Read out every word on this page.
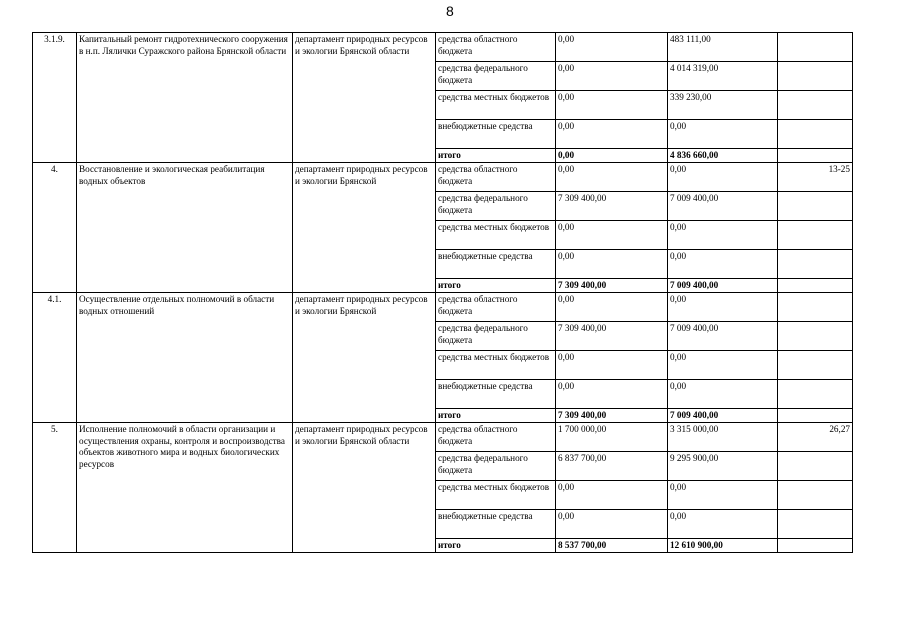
8
3.1.9.	Капитальный ремонт гидротехнического сооружения в н.п. Лялички Суражского района Брянской области	департамент природных ресурсов и экологии Брянской области	средства областного бюджета	0,00	483 111,00	
			средства федерального бюджета	0,00	4 014 319,00	
			средства местных бюджетов	0,00	339 230,00	
			внебюджетные средства	0,00	0,00	
			итого	0,00	4 836 660,00	
4.	Восстановление и экологическая реабилитация водных объектов	департамент природных ресурсов и экологии Брянской	средства областного бюджета	0,00	0,00	13-25
			средства федерального бюджета	7 309 400,00	7 009 400,00	
			средства местных бюджетов	0,00	0,00	
			внебюджетные средства	0,00	0,00	
			итого	7 309 400,00	7 009 400,00	
4.1.	Осуществление отдельных полномочий в области водных отношений	департамент природных ресурсов и экологии Брянской	средства областного бюджета	0,00	0,00	
			средства федерального бюджета	7 309 400,00	7 009 400,00	
			средства местных бюджетов	0,00	0,00	
			внебюджетные средства	0,00	0,00	
			итого	7 309 400,00	7 009 400,00	
5.	Исполнение полномочий в области организации и осуществления охраны, контроля и воспроизводства объектов животного мира и водных биологических ресурсов	департамент природных ресурсов и экологии Брянской области	средства областного бюджета	1 700 000,00	3 315 000,00	26,27
			средства федерального бюджета	6 837 700,00	9 295 900,00	
			средства местных бюджетов	0,00	0,00	
			внебюджетные средства	0,00	0,00	
			итого	8 537 700,00	12 610 900,00	
